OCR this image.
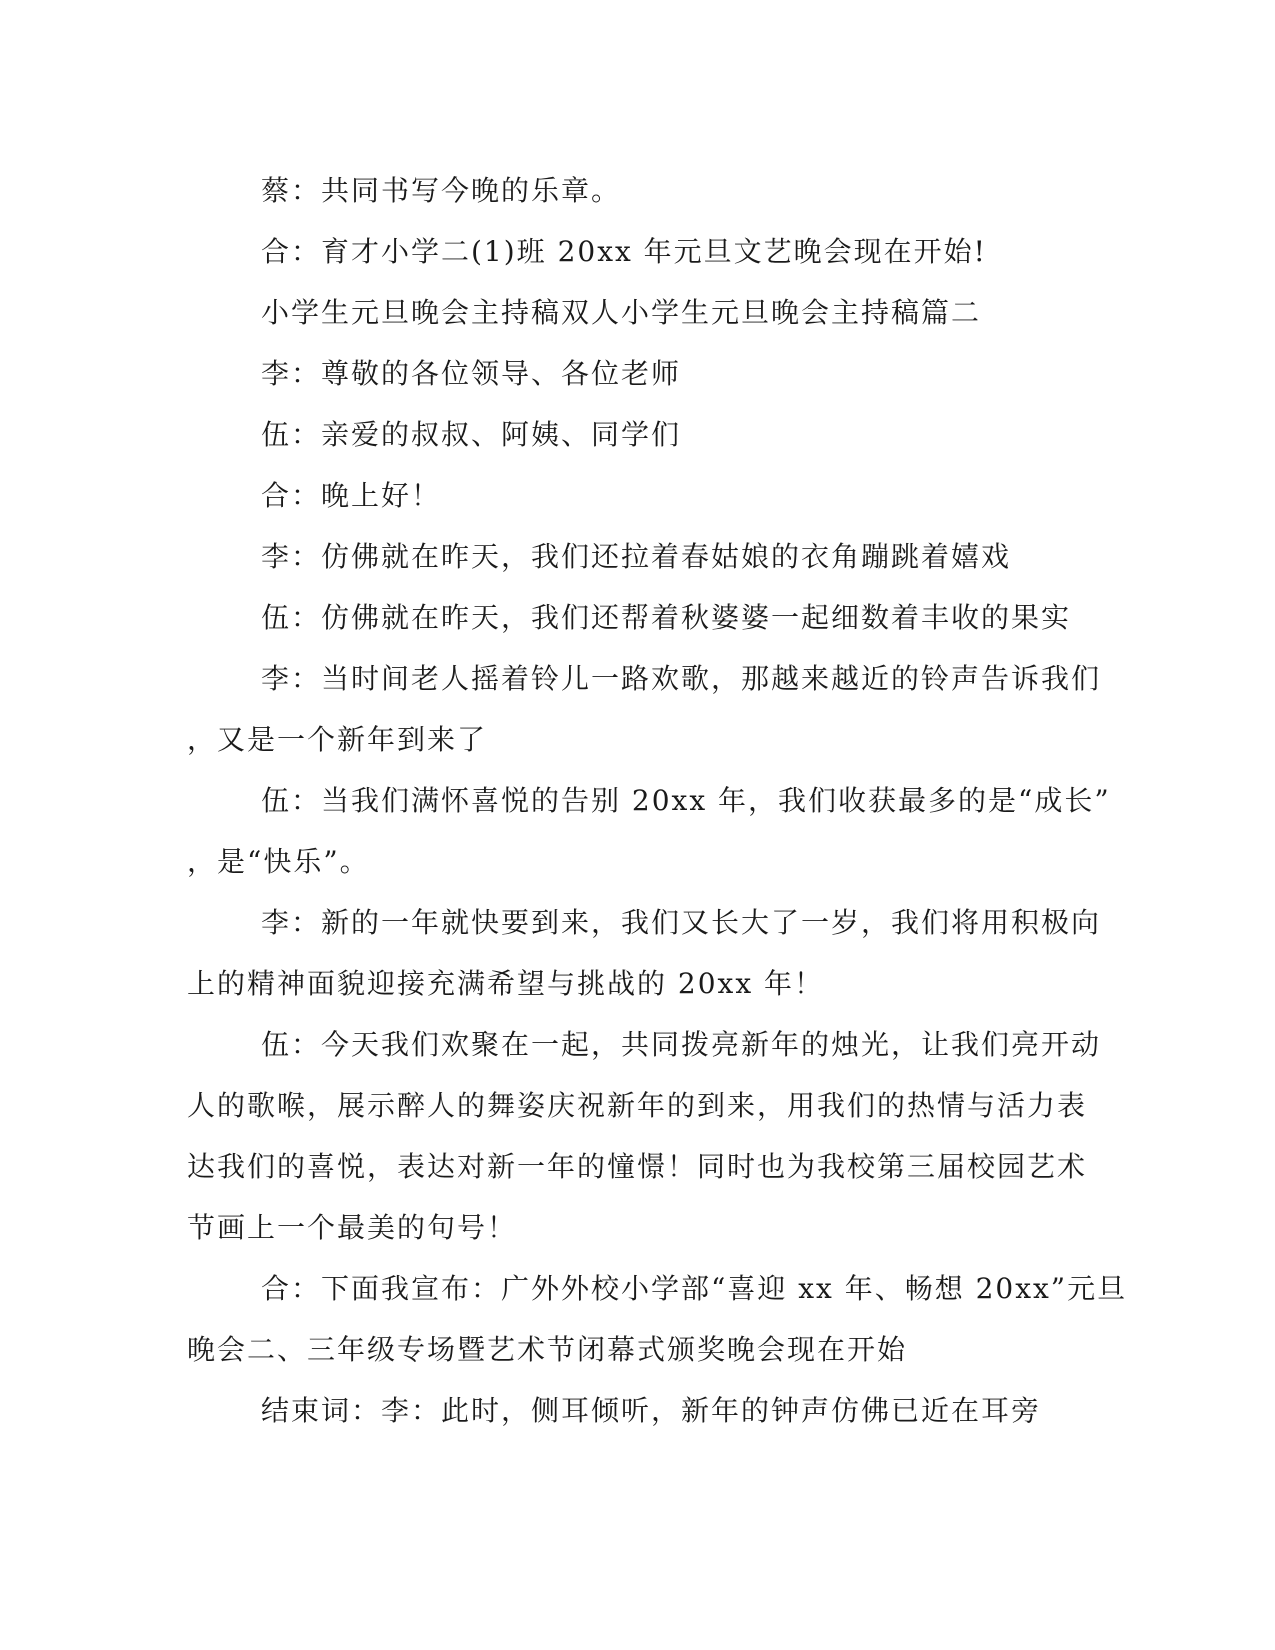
蔡：共同书写今晚的乐章。

合：育才小学二(1)班 20xx 年元旦文艺晚会现在开始!

小学生元旦晚会主持稿双人小学生元旦晚会主持稿篇二

李：尊敬的各位领导、各位老师

伍：亲爱的叔叔、阿姨、同学们

合：晚上好！

李：仿佛就在昨天，我们还拉着春姑娘的衣角蹦跳着嬉戏

伍：仿佛就在昨天，我们还帮着秋婆婆一起细数着丰收的果实

李：当时间老人摇着铃儿一路欢歌，那越来越近的铃声告诉我们

，又是一个新年到来了

伍：当我们满怀喜悦的告别 20xx 年，我们收获最多的是“成长”

，是“快乐”。

李：新的一年就快要到来，我们又长大了一岁，我们将用积极向

上的精神面貌迎接充满希望与挑战的 20xx 年！

伍：今天我们欢聚在一起，共同拨亮新年的烛光，让我们亮开动

人的歌喉，展示醉人的舞姿庆祝新年的到来，用我们的热情与活力表

达我们的喜悦，表达对新一年的憧憬！同时也为我校第三届校园艺术

节画上一个最美的句号！

合：下面我宣布：广外外校小学部“喜迎 xx 年、畅想 20xx”元旦

晚会二、三年级专场暨艺术节闭幕式颁奖晚会现在开始

结束词：李：此时，侧耳倾听，新年的钟声仿佛已近在耳旁
